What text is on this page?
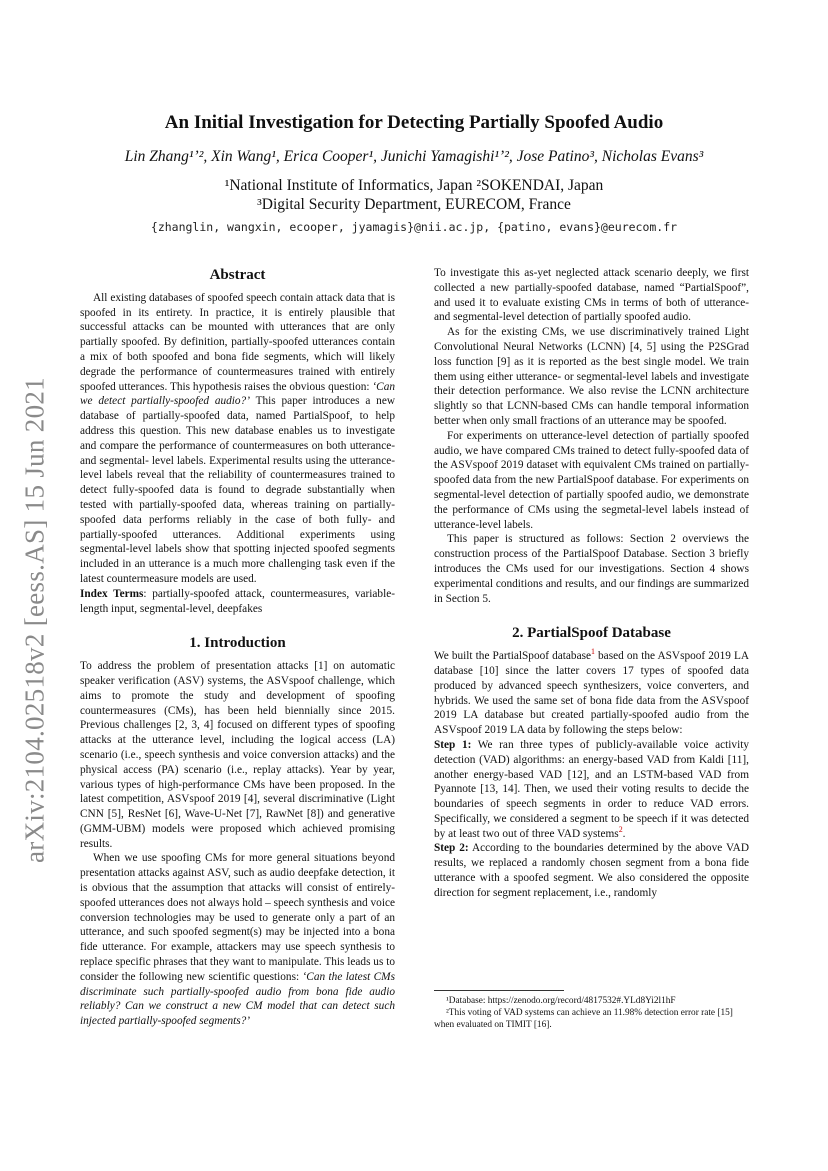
arXiv:2104.02518v2 [eess.AS] 15 Jun 2021
An Initial Investigation for Detecting Partially Spoofed Audio
Lin Zhang¹ʼ², Xin Wang¹, Erica Cooper¹, Junichi Yamagishi¹ʼ², Jose Patino³, Nicholas Evans³
¹National Institute of Informatics, Japan ²SOKENDAI, Japan
³Digital Security Department, EURECOM, France
{zhanglin, wangxin, ecooper, jyamagis}@nii.ac.jp, {patino, evans}@eurecom.fr
Abstract

All existing databases of spoofed speech contain attack data that is spoofed in its entirety. In practice, it is entirely plausible that successful attacks can be mounted with utterances that are only partially spoofed. By definition, partially-spoofed utterances contain a mix of both spoofed and bona fide segments, which will likely degrade the performance of countermeasures trained with entirely spoofed utterances. This hypothesis raises the obvious question: ‘Can we detect partially-spoofed audio?’ This paper introduces a new database of partially-spoofed data, named PartialSpoof, to help address this question. This new database enables us to investigate and compare the performance of countermeasures on both utterance- and segmental- level labels. Experimental results using the utterance-level labels reveal that the reliability of countermeasures trained to detect fully-spoofed data is found to degrade substantially when tested with partially-spoofed data, whereas training on partially-spoofed data performs reliably in the case of both fully- and partially-spoofed utterances. Additional experiments using segmental-level labels show that spotting injected spoofed segments included in an utterance is a much more challenging task even if the latest countermeasure models are used.

Index Terms: partially-spoofed attack, countermeasures, variable-length input, segmental-level, deepfakes

1. Introduction

To address the problem of presentation attacks [1] on automatic speaker verification (ASV) systems, the ASVspoof challenge, which aims to promote the study and development of spoofing countermeasures (CMs), has been held biennially since 2015. Previous challenges [2, 3, 4] focused on different types of spoofing attacks at the utterance level, including the logical access (LA) scenario (i.e., speech synthesis and voice conversion attacks) and the physical access (PA) scenario (i.e., replay attacks). Year by year, various types of high-performance CMs have been proposed. In the latest competition, ASVspoof 2019 [4], several discriminative (Light CNN [5], ResNet [6], Wave-U-Net [7], RawNet [8]) and generative (GMM-UBM) models were proposed which achieved promising results.

When we use spoofing CMs for more general situations beyond presentation attacks against ASV, such as audio deepfake detection, it is obvious that the assumption that attacks will consist of entirely-spoofed utterances does not always hold – speech synthesis and voice conversion technologies may be used to generate only a part of an utterance, and such spoofed segment(s) may be injected into a bona fide utterance. For example, attackers may use speech synthesis to replace specific phrases that they want to manipulate. This leads us to consider the following new scientific questions: ‘Can the latest CMs discriminate such partially-spoofed audio from bona fide audio reliably? Can we construct a new CM model that can detect such injected partially-spoofed segments?’

To investigate this as-yet neglected attack scenario deeply, we first collected a new partially-spoofed database, named “PartialSpoof”, and used it to evaluate existing CMs in terms of both of utterance- and segmental-level detection of partially spoofed audio.

As for the existing CMs, we use discriminatively trained Light Convolutional Neural Networks (LCNN) [4, 5] using the P2SGrad loss function [9] as it is reported as the best single model. We train them using either utterance- or segmental-level labels and investigate their detection performance. We also revise the LCNN architecture slightly so that LCNN-based CMs can handle temporal information better when only small fractions of an utterance may be spoofed.

For experiments on utterance-level detection of partially spoofed audio, we have compared CMs trained to detect fully-spoofed data of the ASVspoof 2019 dataset with equivalent CMs trained on partially-spoofed data from the new PartialSpoof database. For experiments on segmental-level detection of partially spoofed audio, we demonstrate the performance of CMs using the segmetal-level labels instead of utterance-level labels.

This paper is structured as follows: Section 2 overviews the construction process of the PartialSpoof Database. Section 3 briefly introduces the CMs used for our investigations. Section 4 shows experimental conditions and results, and our findings are summarized in Section 5.

2. PartialSpoof Database

We built the PartialSpoof database$^1$ based on the ASVspoof 2019 LA database [10] since the latter covers 17 types of spoofed data produced by advanced speech synthesizers, voice converters, and hybrids. We used the same set of bona fide data from the ASVspoof 2019 LA database but created partially-spoofed audio from the ASVspoof 2019 LA data by following the steps below:

Step 1: We ran three types of publicly-available voice activity detection (VAD) algorithms: an energy-based VAD from Kaldi [11], another energy-based VAD [12], and an LSTM-based VAD from Pyannote [13, 14]. Then, we used their voting results to decide the boundaries of speech segments in order to reduce VAD errors. Specifically, we considered a segment to be speech if it was detected by at least two out of three VAD systems$^2$.

Step 2: According to the boundaries determined by the above VAD results, we replaced a randomly chosen segment from a bona fide utterance with a spoofed segment. We also considered the opposite direction for segment replacement, i.e., randomly

¹Database: https://zenodo.org/record/4817532#.YLd8Yi2l1hF
²This voting of VAD systems can achieve an 11.98% detection error rate [15] when evaluated on TIMIT [16].
